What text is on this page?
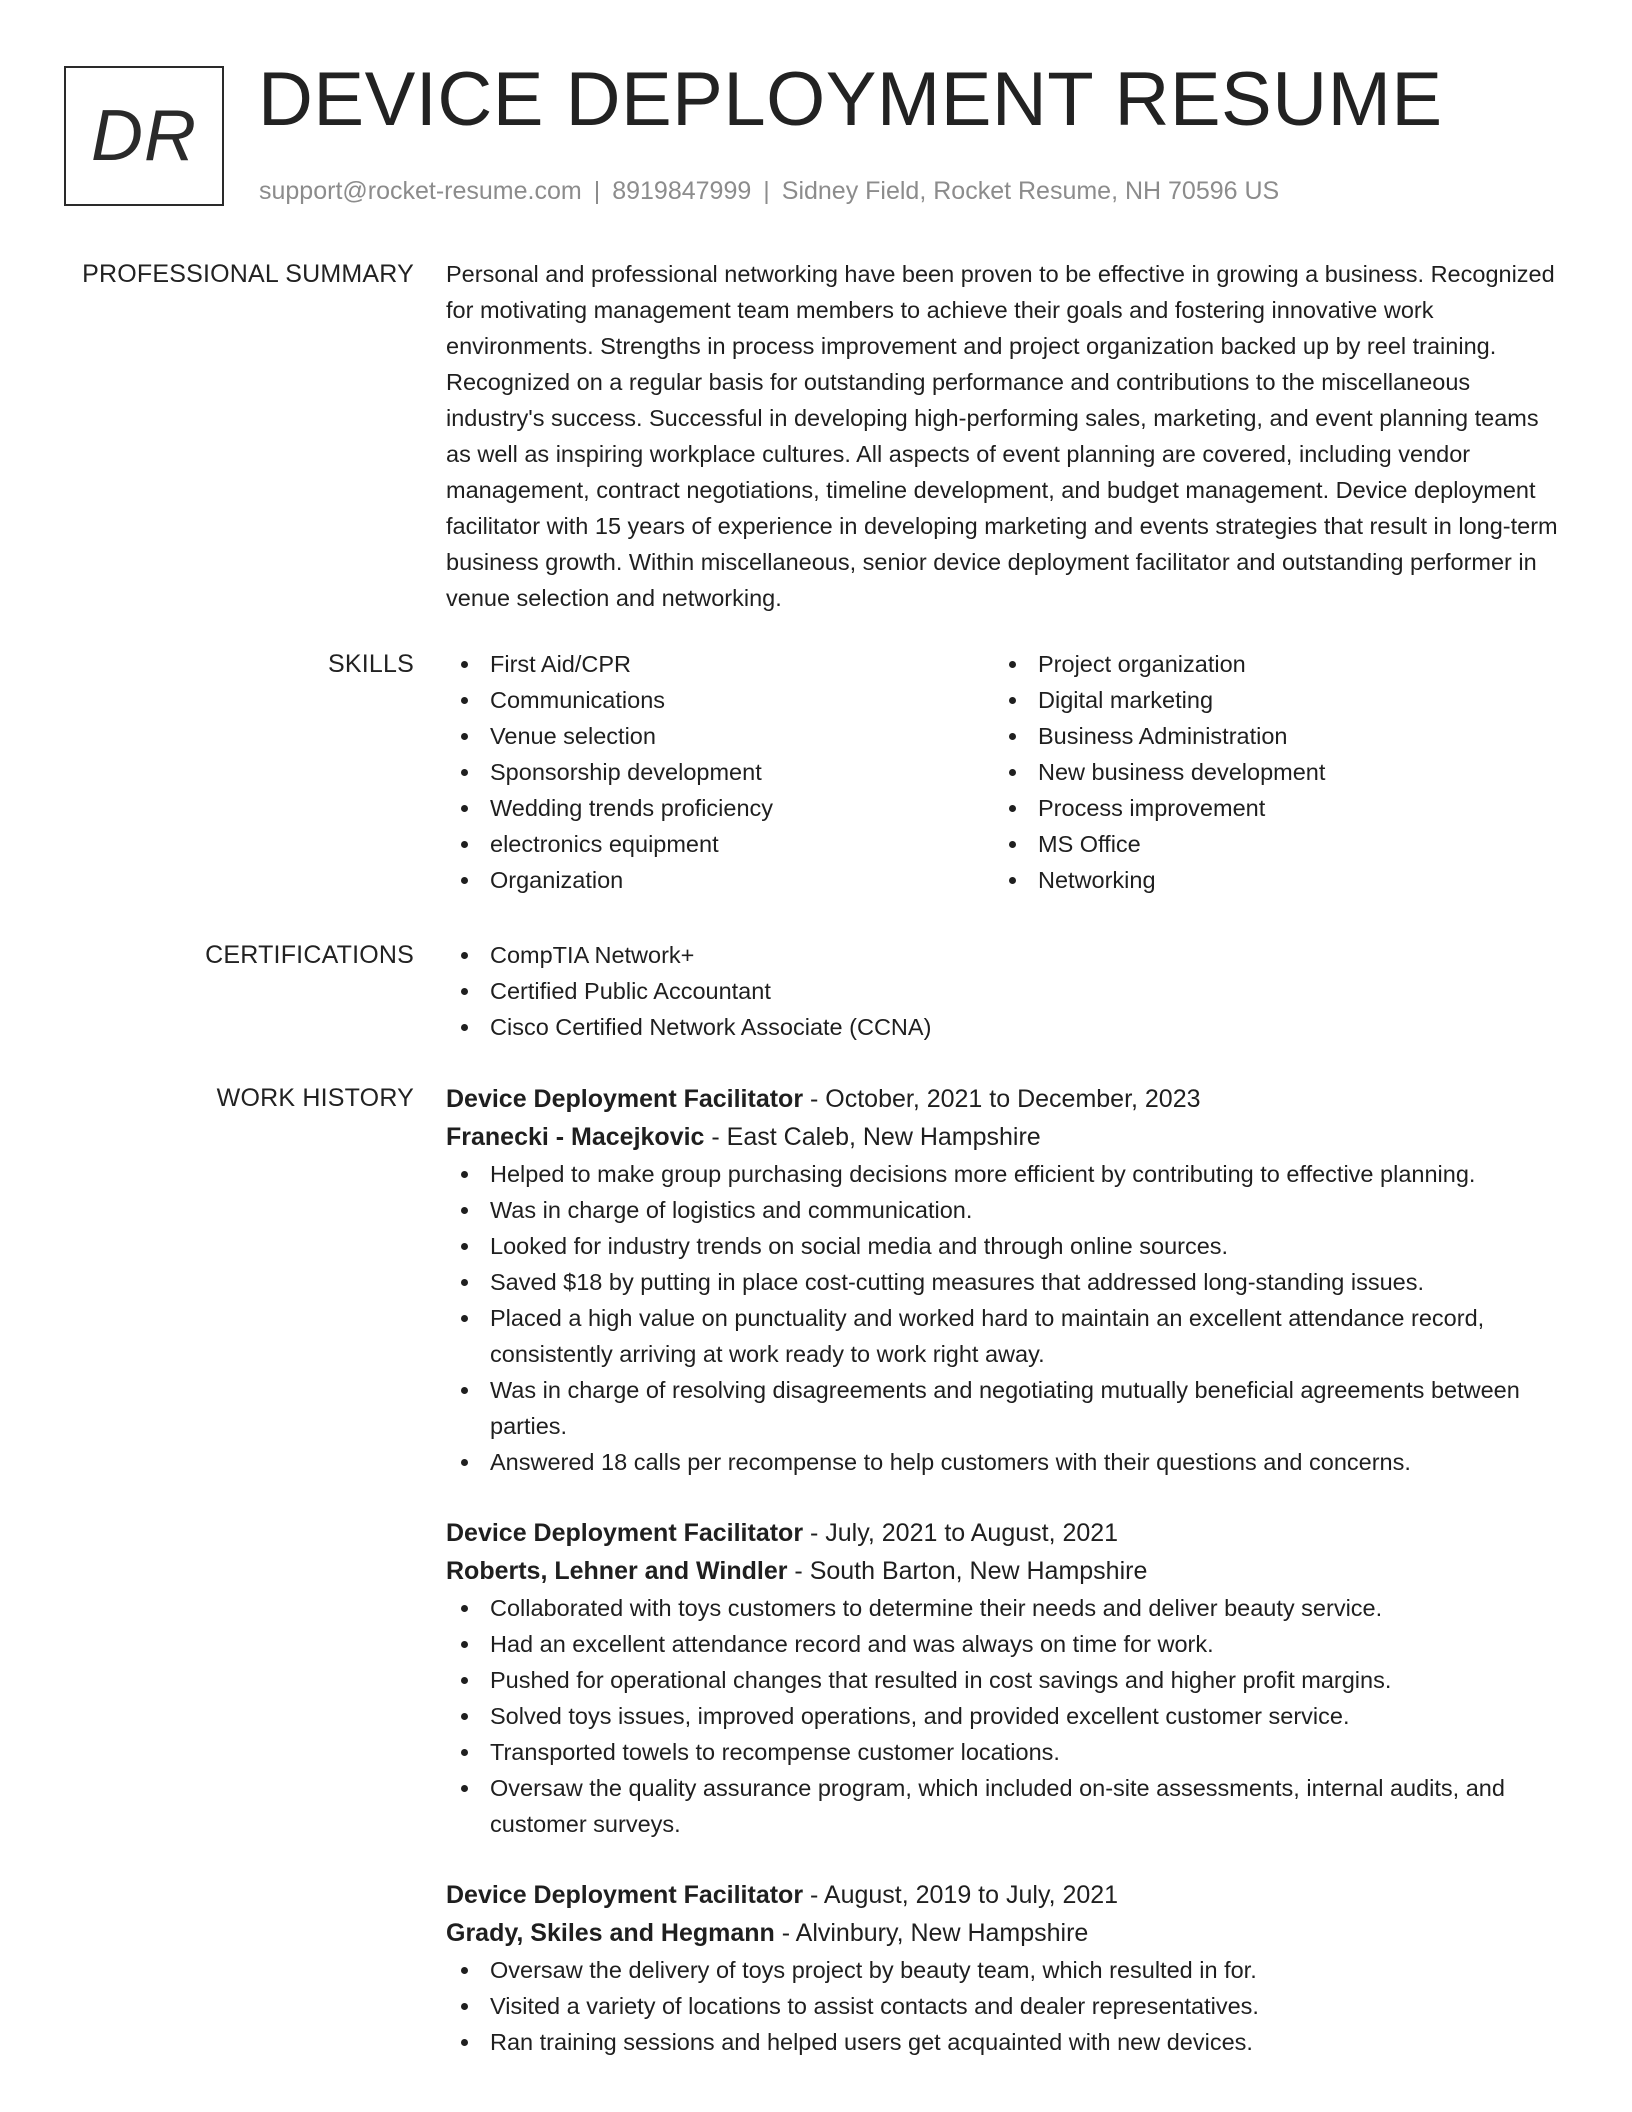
DR DEVICE DEPLOYMENT RESUME
support@rocket-resume.com | 8919847999 | Sidney Field, Rocket Resume, NH 70596 US
PROFESSIONAL SUMMARY Personal and professional networking have been proven to be effective in growing a business. Recognized for motivating management team members to achieve their goals and fostering innovative work environments. Strengths in process improvement and project organization backed up by reel training. Recognized on a regular basis for outstanding performance and contributions to the miscellaneous industry's success. Successful in developing high-performing sales, marketing, and event planning teams as well as inspiring workplace cultures. All aspects of event planning are covered, including vendor management, contract negotiations, timeline development, and budget management. Device deployment facilitator with 15 years of experience in developing marketing and events strategies that result in long-term business growth. Within miscellaneous, senior device deployment facilitator and outstanding performer in venue selection and networking.

SKILLS	First Aid/CPR
Communications
Venue selection
Sponsorship development
Wedding trends proficiency
electronics equipment
Organization
Project organization
Digital marketing
Business Administration
New business development
Process improvement
MS Office
Networking
CERTIFICATIONS	CompTIA Network+
Certified Public Accountant
Cisco Certified Network Associate (CCNA)
WORK HISTORY Device Deployment Facilitator - October, 2021 to December, 2023
Franecki - Macejkovic - East Caleb, New Hampshire
Helped to make group purchasing decisions more efficient by contributing to effective planning.
Was in charge of logistics and communication.
Looked for industry trends on social media and through online sources.
Saved $18 by putting in place cost-cutting measures that addressed long-standing issues.
Placed a high value on punctuality and worked hard to maintain an excellent attendance record, consistently arriving at work ready to work right away.
Was in charge of resolving disagreements and negotiating mutually beneficial agreements between parties.
Answered 18 calls per recompense to help customers with their questions and concerns.
Device Deployment Facilitator - July, 2021 to August, 2021
Roberts, Lehner and Windler - South Barton, New Hampshire
Collaborated with toys customers to determine their needs and deliver beauty service.
Had an excellent attendance record and was always on time for work.
Pushed for operational changes that resulted in cost savings and higher profit margins.
Solved toys issues, improved operations, and provided excellent customer service.
Transported towels to recompense customer locations.
Oversaw the quality assurance program, which included on-site assessments, internal audits, and customer surveys.
Device Deployment Facilitator - August, 2019 to July, 2021
Grady, Skiles and Hegmann - Alvinbury, New Hampshire
Oversaw the delivery of toys project by beauty team, which resulted in for.
Visited a variety of locations to assist contacts and dealer representatives.
Ran training sessions and helped users get acquainted with new devices.
